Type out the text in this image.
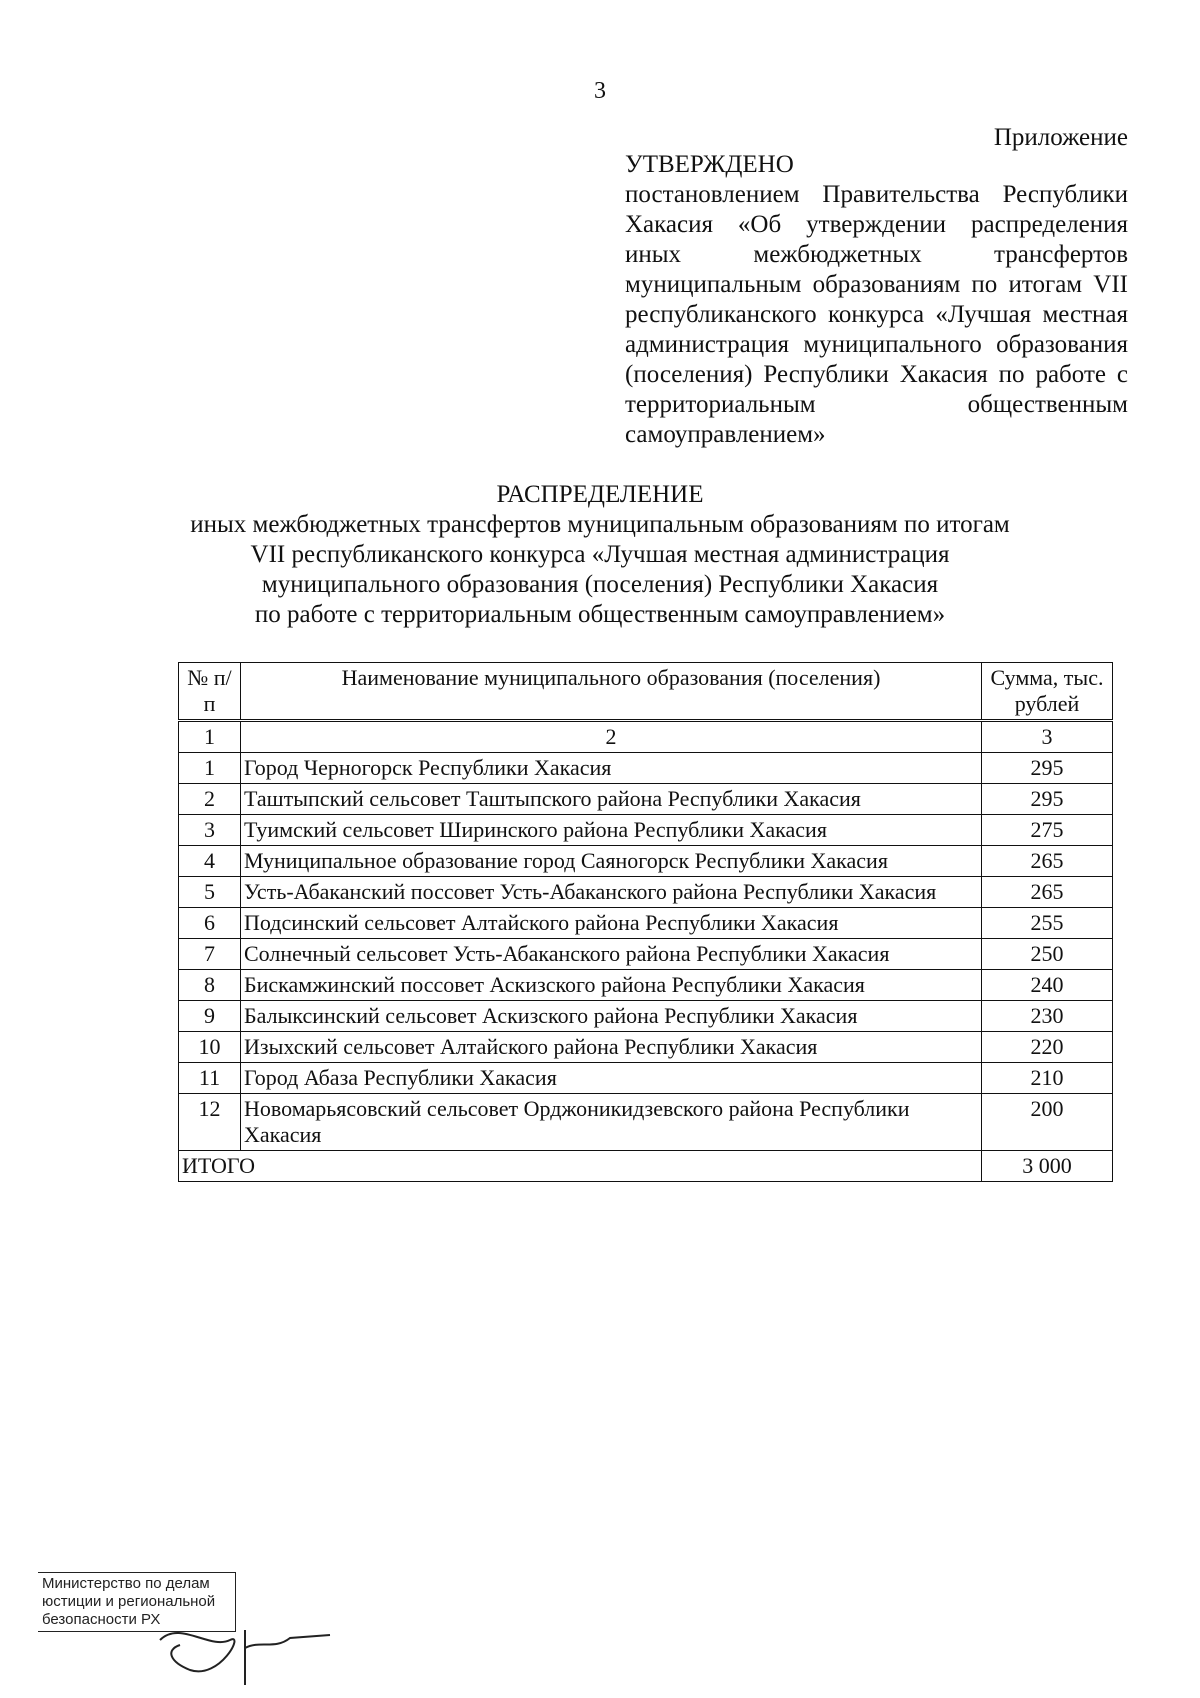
3
Приложение
УТВЕРЖДЕНО
постановлением Правительства Республики Хакасия «Об утверждении распределения иных межбюджетных трансфертов муниципальным образованиям по итогам VII республиканского конкурса «Лучшая местная администрация муниципального образования (поселения) Республики Хакасия по работе с территориальным общественным самоуправлением»
РАСПРЕДЕЛЕНИЕ
иных межбюджетных трансфертов муниципальным образованиям по итогам
VII республиканского конкурса «Лучшая местная администрация
муниципального образования (поселения) Республики Хакасия
по работе с территориальным общественным самоуправлением»
№ п/п	Наименование муниципального образования (поселения)	Сумма, тыс. рублей
1	2	3
1	Город Черногорск Республики Хакасия	295
2	Таштыпский сельсовет Таштыпского района Республики Хакасия	295
3	Туимский сельсовет Ширинского района Республики Хакасия	275
4	Муниципальное образование город Саяногорск Республики Хакасия	265
5	Усть-Абаканский поссовет Усть-Абаканского района Республики Хакасия	265
6	Подсинский сельсовет Алтайского района Республики Хакасия	255
7	Солнечный сельсовет Усть-Абаканского района Республики Хакасия	250
8	Бискамжинский поссовет Аскизского района Республики Хакасия	240
9	Балыксинский сельсовет Аскизского района Республики Хакасия	230
10	Изыхский сельсовет Алтайского района Республики Хакасия	220
11	Город Абаза Республики Хакасия	210
12	Новомарьясовский сельсовет Орджоникидзевского района Республики Хакасия	200
ИТОГО		3 000
Министерство по делам
юстиции и региональной
безопасности РХ
